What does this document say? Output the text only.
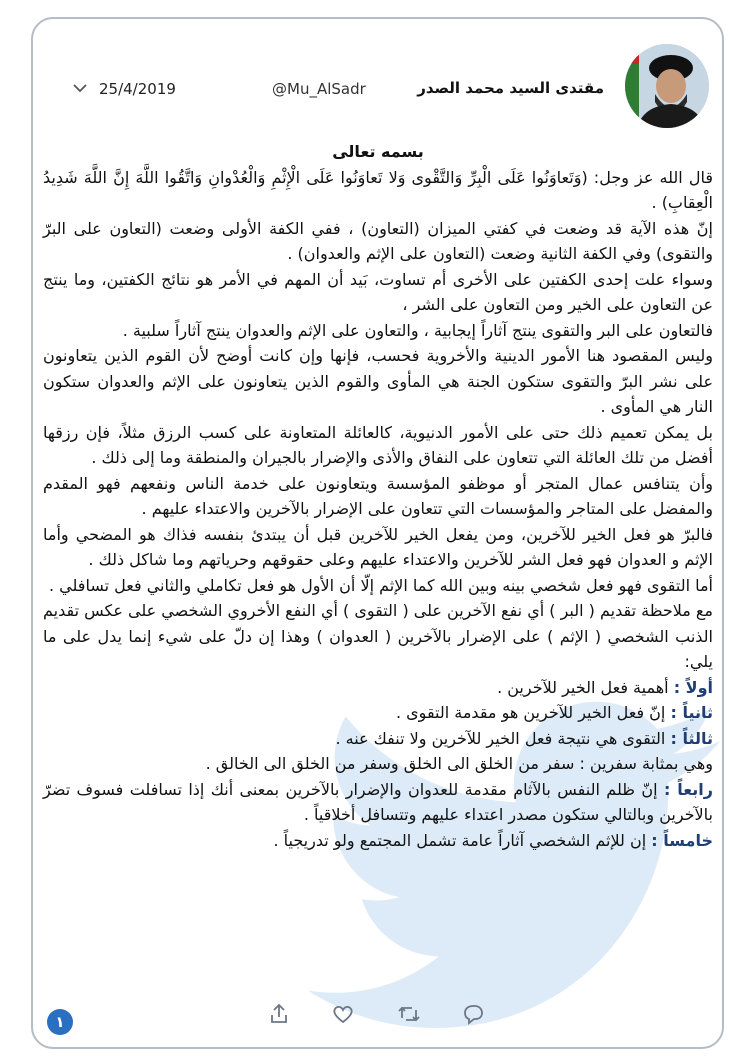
مقتدى السيد محمد الصدر
@Mu_AlSadr
25/4/2019

بسمه تعالى

قال الله عز وجل: (وَتَعاوَنُوا عَلَى الْبِرِّ وَالتَّقْوى وَلا تَعاوَنُوا عَلَى الْإِثْمِ وَالْعُدْوانِ وَاتَّقُوا اللَّهَ إِنَّ اللَّهَ شَدِيدُ الْعِقابِ) .

إنّ هذه الآية قد وضعت في كفتي الميزان (التعاون) ، ففي الكفة الأولى وضعت (التعاون على البرّ والتقوى) وفي الكفة الثانية وضعت (التعاون على الإثم والعدوان) .

وسواء علت إحدى الكفتين على الأخرى أم تساوت، بَيد أن المهم في الأمر هو نتائج الكفتين، وما ينتج عن التعاون على الخير ومن التعاون على الشر ،

فالتعاون على البر والتقوى ينتج آثاراً إيجابية ، والتعاون على الإثم والعدوان ينتج آثاراً سلبية .

وليس المقصود هنا الأمور الدينية والأخروية فحسب، فإنها وإن كانت أوضح لأن القوم الذين يتعاونون على نشر البرّ والتقوى ستكون الجنة هي المأوى والقوم الذين يتعاونون على الإثم والعدوان ستكون النار هي المأوى .

بل يمكن تعميم ذلك حتى على الأمور الدنيوية، كالعائلة المتعاونة على كسب الرزق مثلاً، فإن رزقها أفضل من تلك العائلة التي تتعاون على النفاق والأذى والإضرار بالجيران والمنطقة وما إلى ذلك .

وأن يتنافس عمال المتجر أو موظفو المؤسسة ويتعاونون على خدمة الناس ونفعهم فهو المقدم والمفضل على المتاجر والمؤسسات التي تتعاون على الإضرار بالآخرين والاعتداء عليهم .

فالبرّ هو فعل الخير للآخرين، ومن يفعل الخير للآخرين قبل أن يبتدئ بنفسه فذاك هو المضحي وأما الإثم و العدوان فهو فعل الشر للآخرين والاعتداء عليهم وعلى حقوقهم وحرياتهم وما شاكل ذلك .

أما التقوى فهو فعل شخصي بينه وبين الله كما الإثم إلّا أن الأول هو فعل تكاملي والثاني فعل تسافلي .

مع ملاحظة تقديم ( البر ) أي نفع الآخرين على ( التقوى ) أي النفع الأخروي الشخصي على عكس تقديم الذنب الشخصي ( الإثم ) على الإضرار بالآخرين ( العدوان ) وهذا إن دلّ على شيء إنما يدل على ما يلي:

أولاً : أهمية فعل الخير للآخرين .

ثانياً : إنّ فعل الخير للآخرين هو مقدمة التقوى .

ثالثاً : التقوى هي نتيجة فعل الخير للآخرين ولا تنفك عنه .

وهي بمثابة سفرين : سفر من الخلق الى الخلق وسفر من الخلق الى الخالق .

رابعاً : إنّ ظلم النفس بالآثام مقدمة للعدوان والإضرار بالآخرين بمعنى أنك إذا تسافلت فسوف تضرّ بالآخرين وبالتالي ستكون مصدر اعتداء عليهم وتتسافل أخلاقياً .

خامساً : إن للإثم الشخصي آثاراً عامة تشمل المجتمع ولو تدريجياً .

١
